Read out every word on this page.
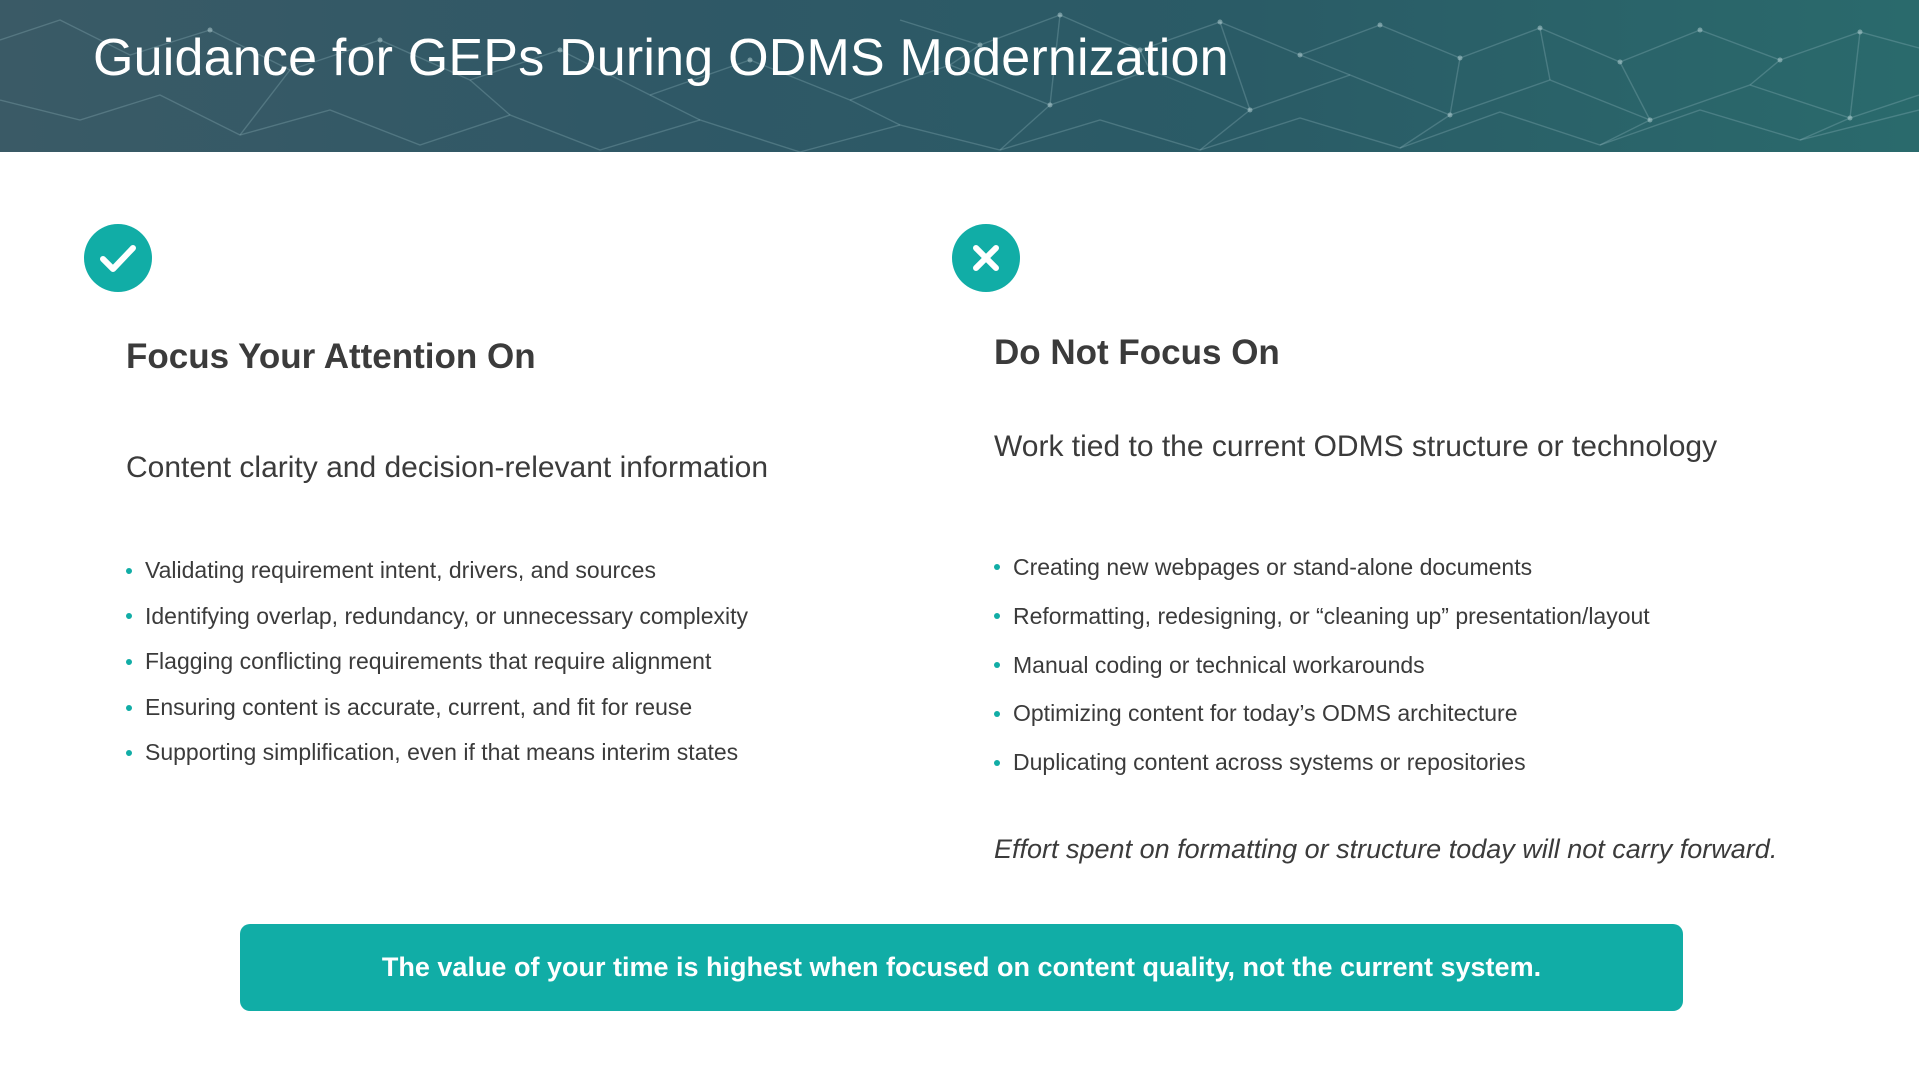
Guidance for GEPs During ODMS Modernization
Focus Your Attention On

Content clarity and decision-relevant information

Validating requirement intent, drivers, and sources
Identifying overlap, redundancy, or unnecessary complexity
Flagging conflicting requirements that require alignment
Ensuring content is accurate, current, and fit for reuse
Supporting simplification, even if that means interim states
Do Not Focus On

Work tied to the current ODMS structure or technology

Creating new webpages or stand-alone documents
Reformatting, redesigning, or “cleaning up” presentation/layout
Manual coding or technical workarounds
Optimizing content for today’s ODMS architecture
Duplicating content across systems or repositories

Effort spent on formatting or structure today will not carry forward.

The value of your time is highest when focused on content quality, not the current system.
